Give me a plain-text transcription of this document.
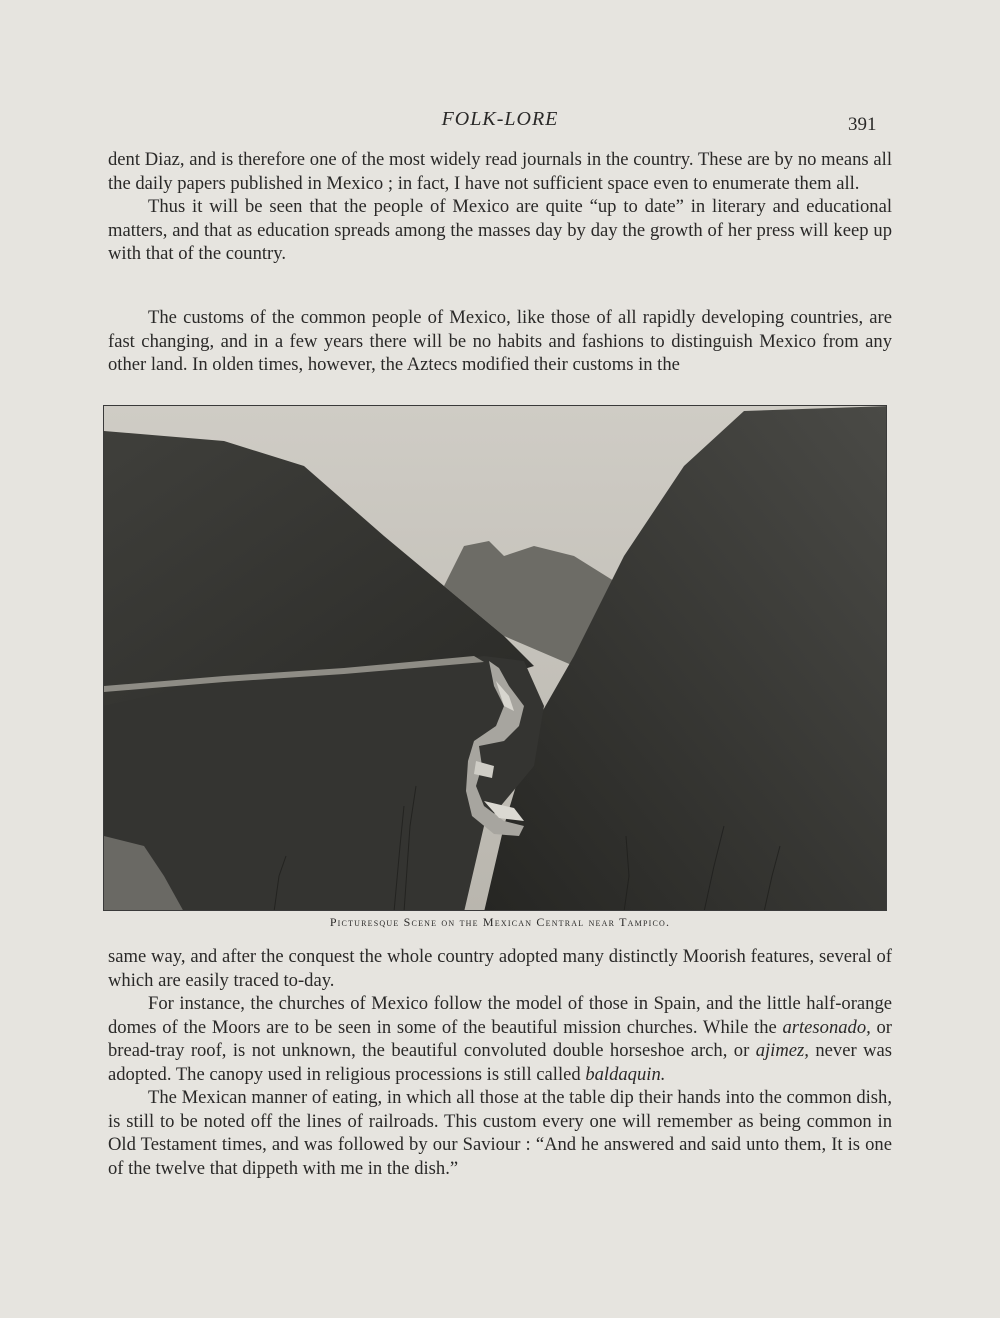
FOLK-LORE	391

dent Diaz, and is therefore one of the most widely read journals in the country. These are by no means all the daily papers published in Mexico ; in fact, I have not sufficient space even to enumerate them all.

Thus it will be seen that the people of Mexico are quite “up to date” in literary and educational matters, and that as education spreads among the masses day by day the growth of her press will keep up with that of the country.

The customs of the common people of Mexico, like those of all rapidly developing countries, are fast changing, and in a few years there will be no habits and fashions to distinguish Mexico from any other land. In olden times, however, the Aztecs modified their customs in the

Picturesque Scene on the Mexican Central near Tampico.

same way, and after the conquest the whole country adopted many distinctly Moorish features, several of which are easily traced to-day.

For instance, the churches of Mexico follow the model of those in Spain, and the little half-orange domes of the Moors are to be seen in some of the beautiful mission churches. While the artesonado, or bread-tray roof, is not unknown, the beautiful convoluted double horseshoe arch, or ajimez, never was adopted. The canopy used in religious processions is still called baldaquin.

The Mexican manner of eating, in which all those at the table dip their hands into the common dish, is still to be noted off the lines of railroads. This custom every one will remember as being common in Old Testament times, and was followed by our Saviour : “And he answered and said unto them, It is one of the twelve that dippeth with me in the dish.”
